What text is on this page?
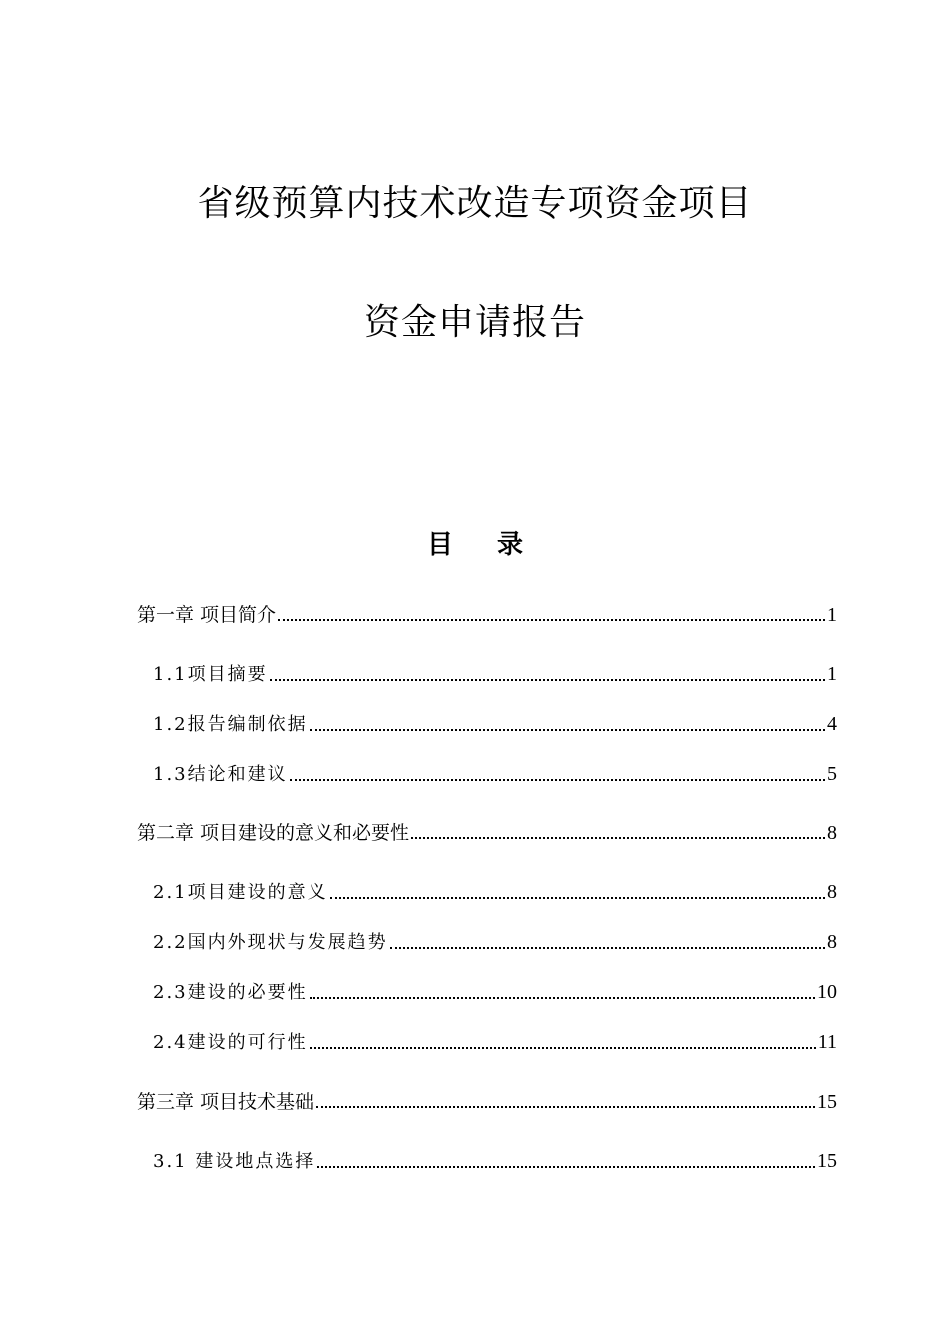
省级预算内技术改造专项资金项目
资金申请报告
目 录
第一章 项目简介	1
1.1项目摘要	1
1.2报告编制依据	4
1.3结论和建议	5
第二章 项目建设的意义和必要性	8
2.1项目建设的意义	8
2.2国内外现状与发展趋势	8
2.3建设的必要性	10
2.4建设的可行性	11
第三章 项目技术基础	15
3.1 建设地点选择	15
